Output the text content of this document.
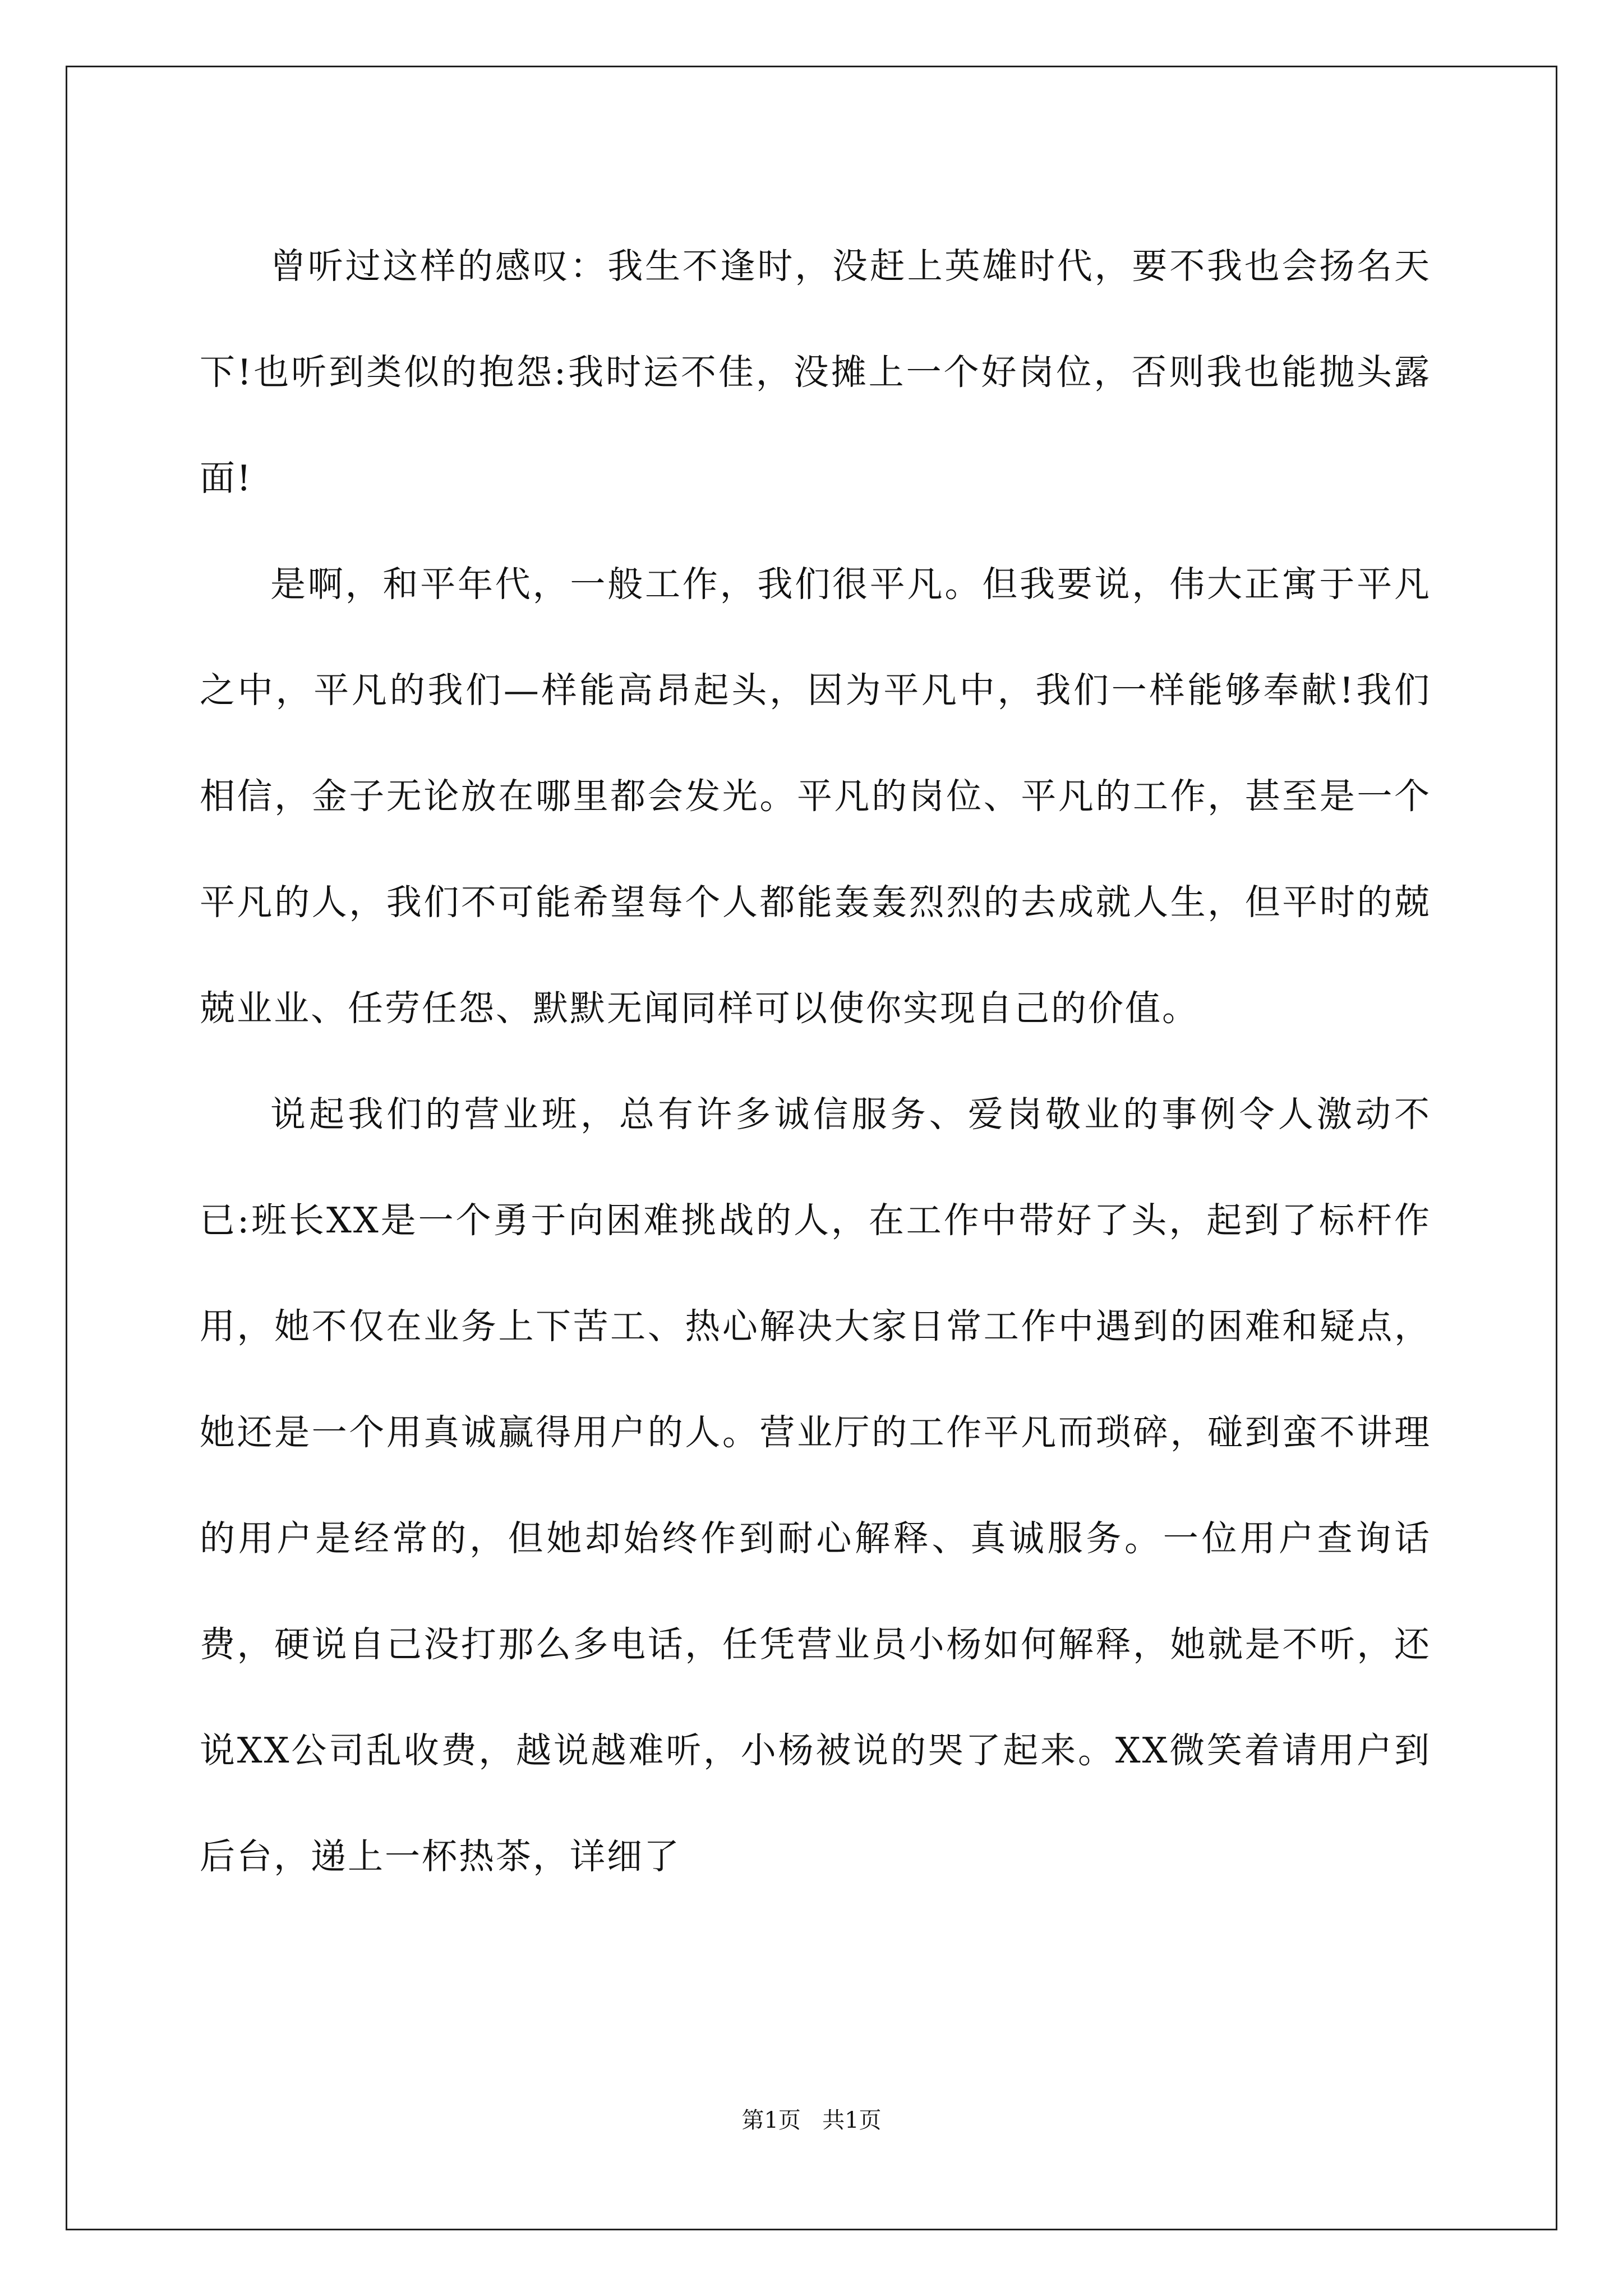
曾听过这样的感叹：我生不逢时，没赶上英雄时代，要不我也会扬名天下!也听到类似的抱怨:我时运不佳，没摊上一个好岗位，否则我也能抛头露面!

是啊，和平年代，一般工作，我们很平凡。但我要说，伟大正寓于平凡之中，平凡的我们—样能高昂起头，因为平凡中，我们一样能够奉献!我们相信，金子无论放在哪里都会发光。平凡的岗位、平凡的工作，甚至是一个平凡的人，我们不可能希望每个人都能轰轰烈烈的去成就人生，但平时的兢兢业业、任劳任怨、默默无闻同样可以使你实现自己的价值。

说起我们的营业班，总有许多诚信服务、爱岗敬业的事例令人激动不已:班长XX是一个勇于向困难挑战的人，在工作中带好了头，起到了标杆作用，她不仅在业务上下苦工、热心解决大家日常工作中遇到的困难和疑点，她还是一个用真诚赢得用户的人。营业厅的工作平凡而琐碎，碰到蛮不讲理的用户是经常的，但她却始终作到耐心解释、真诚服务。一位用户查询话费，硬说自己没打那么多电话，任凭营业员小杨如何解释，她就是不听，还说XX公司乱收费，越说越难听，小杨被说的哭了起来。XX微笑着请用户到后台，递上一杯热茶，详细了

第1页 共1页
